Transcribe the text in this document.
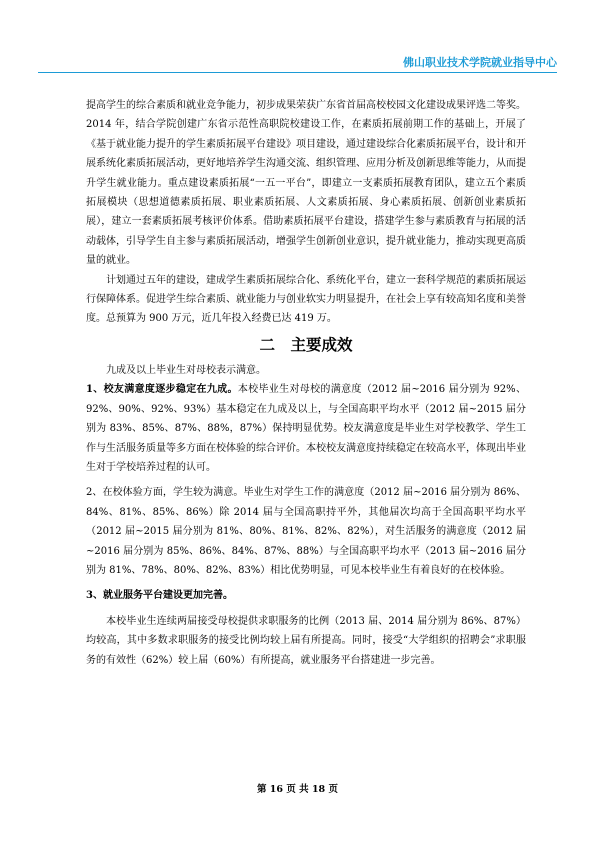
佛山职业技术学院就业指导中心

提高学生的综合素质和就业竞争能力，初步成果荣获广东省首届高校校园文化建设成果评选二等奖。2014 年，结合学院创建广东省示范性高职院校建设工作，在素质拓展前期工作的基础上，开展了《基于就业能力提升的学生素质拓展平台建设》项目建设，通过建设综合化素质拓展平台，设计和开展系统化素质拓展活动，更好地培养学生沟通交流、组织管理、应用分析及创新思维等能力，从而提升学生就业能力。重点建设素质拓展“一五一平台”，即建立一支素质拓展教育团队，建立五个素质拓展模块（思想道德素质拓展、职业素质拓展、人文素质拓展、身心素质拓展、创新创业素质拓展），建立一套素质拓展考核评价体系。借助素质拓展平台建设，搭建学生参与素质教育与拓展的活动载体，引导学生自主参与素质拓展活动，增强学生创新创业意识，提升就业能力，推动实现更高质量的就业。

计划通过五年的建设，建成学生素质拓展综合化、系统化平台，建立一套科学规范的素质拓展运行保障体系。促进学生综合素质、就业能力与创业软实力明显提升，在社会上享有较高知名度和美誉度。总预算为 900 万元，近几年投入经费已达 419 万。

二　主要成效

九成及以上毕业生对母校表示满意。

1、校友满意度逐步稳定在九成。本校毕业生对母校的满意度（2012 届~2016 届分别为 92%、92%、90%、92%、93%）基本稳定在九成及以上，与全国高职平均水平（2012 届~2015 届分别为 83%、85%、87%、88%，87%）保持明显优势。校友满意度是毕业生对学校教学、学生工作与生活服务质量等多方面在校体验的综合评价。本校校友满意度持续稳定在较高水平，体现出毕业生对于学校培养过程的认可。

2、在校体验方面，学生较为满意。毕业生对学生工作的满意度（2012 届~2016 届分别为 86%、84%、81%、85%、86%）除 2014 届与全国高职持平外，其他届次均高于全国高职平均水平（2012 届~2015 届分别为 81%、80%、81%、82%、82%），对生活服务的满意度（2012 届~2016 届分别为 85%、86%、84%、87%、88%）与全国高职平均水平（2013 届~2016 届分别为 81%、78%、80%、82%、83%）相比优势明显，可见本校毕业生有着良好的在校体验。

3、就业服务平台建设更加完善。

本校毕业生连续两届接受母校提供求职服务的比例（2013 届、2014 届分别为 86%、87%）均较高，其中多数求职服务的接受比例均较上届有所提高。同时，接受“大学组织的招聘会”求职服务的有效性（62%）较上届（60%）有所提高，就业服务平台搭建进一步完善。

第 16 页 共 18 页
